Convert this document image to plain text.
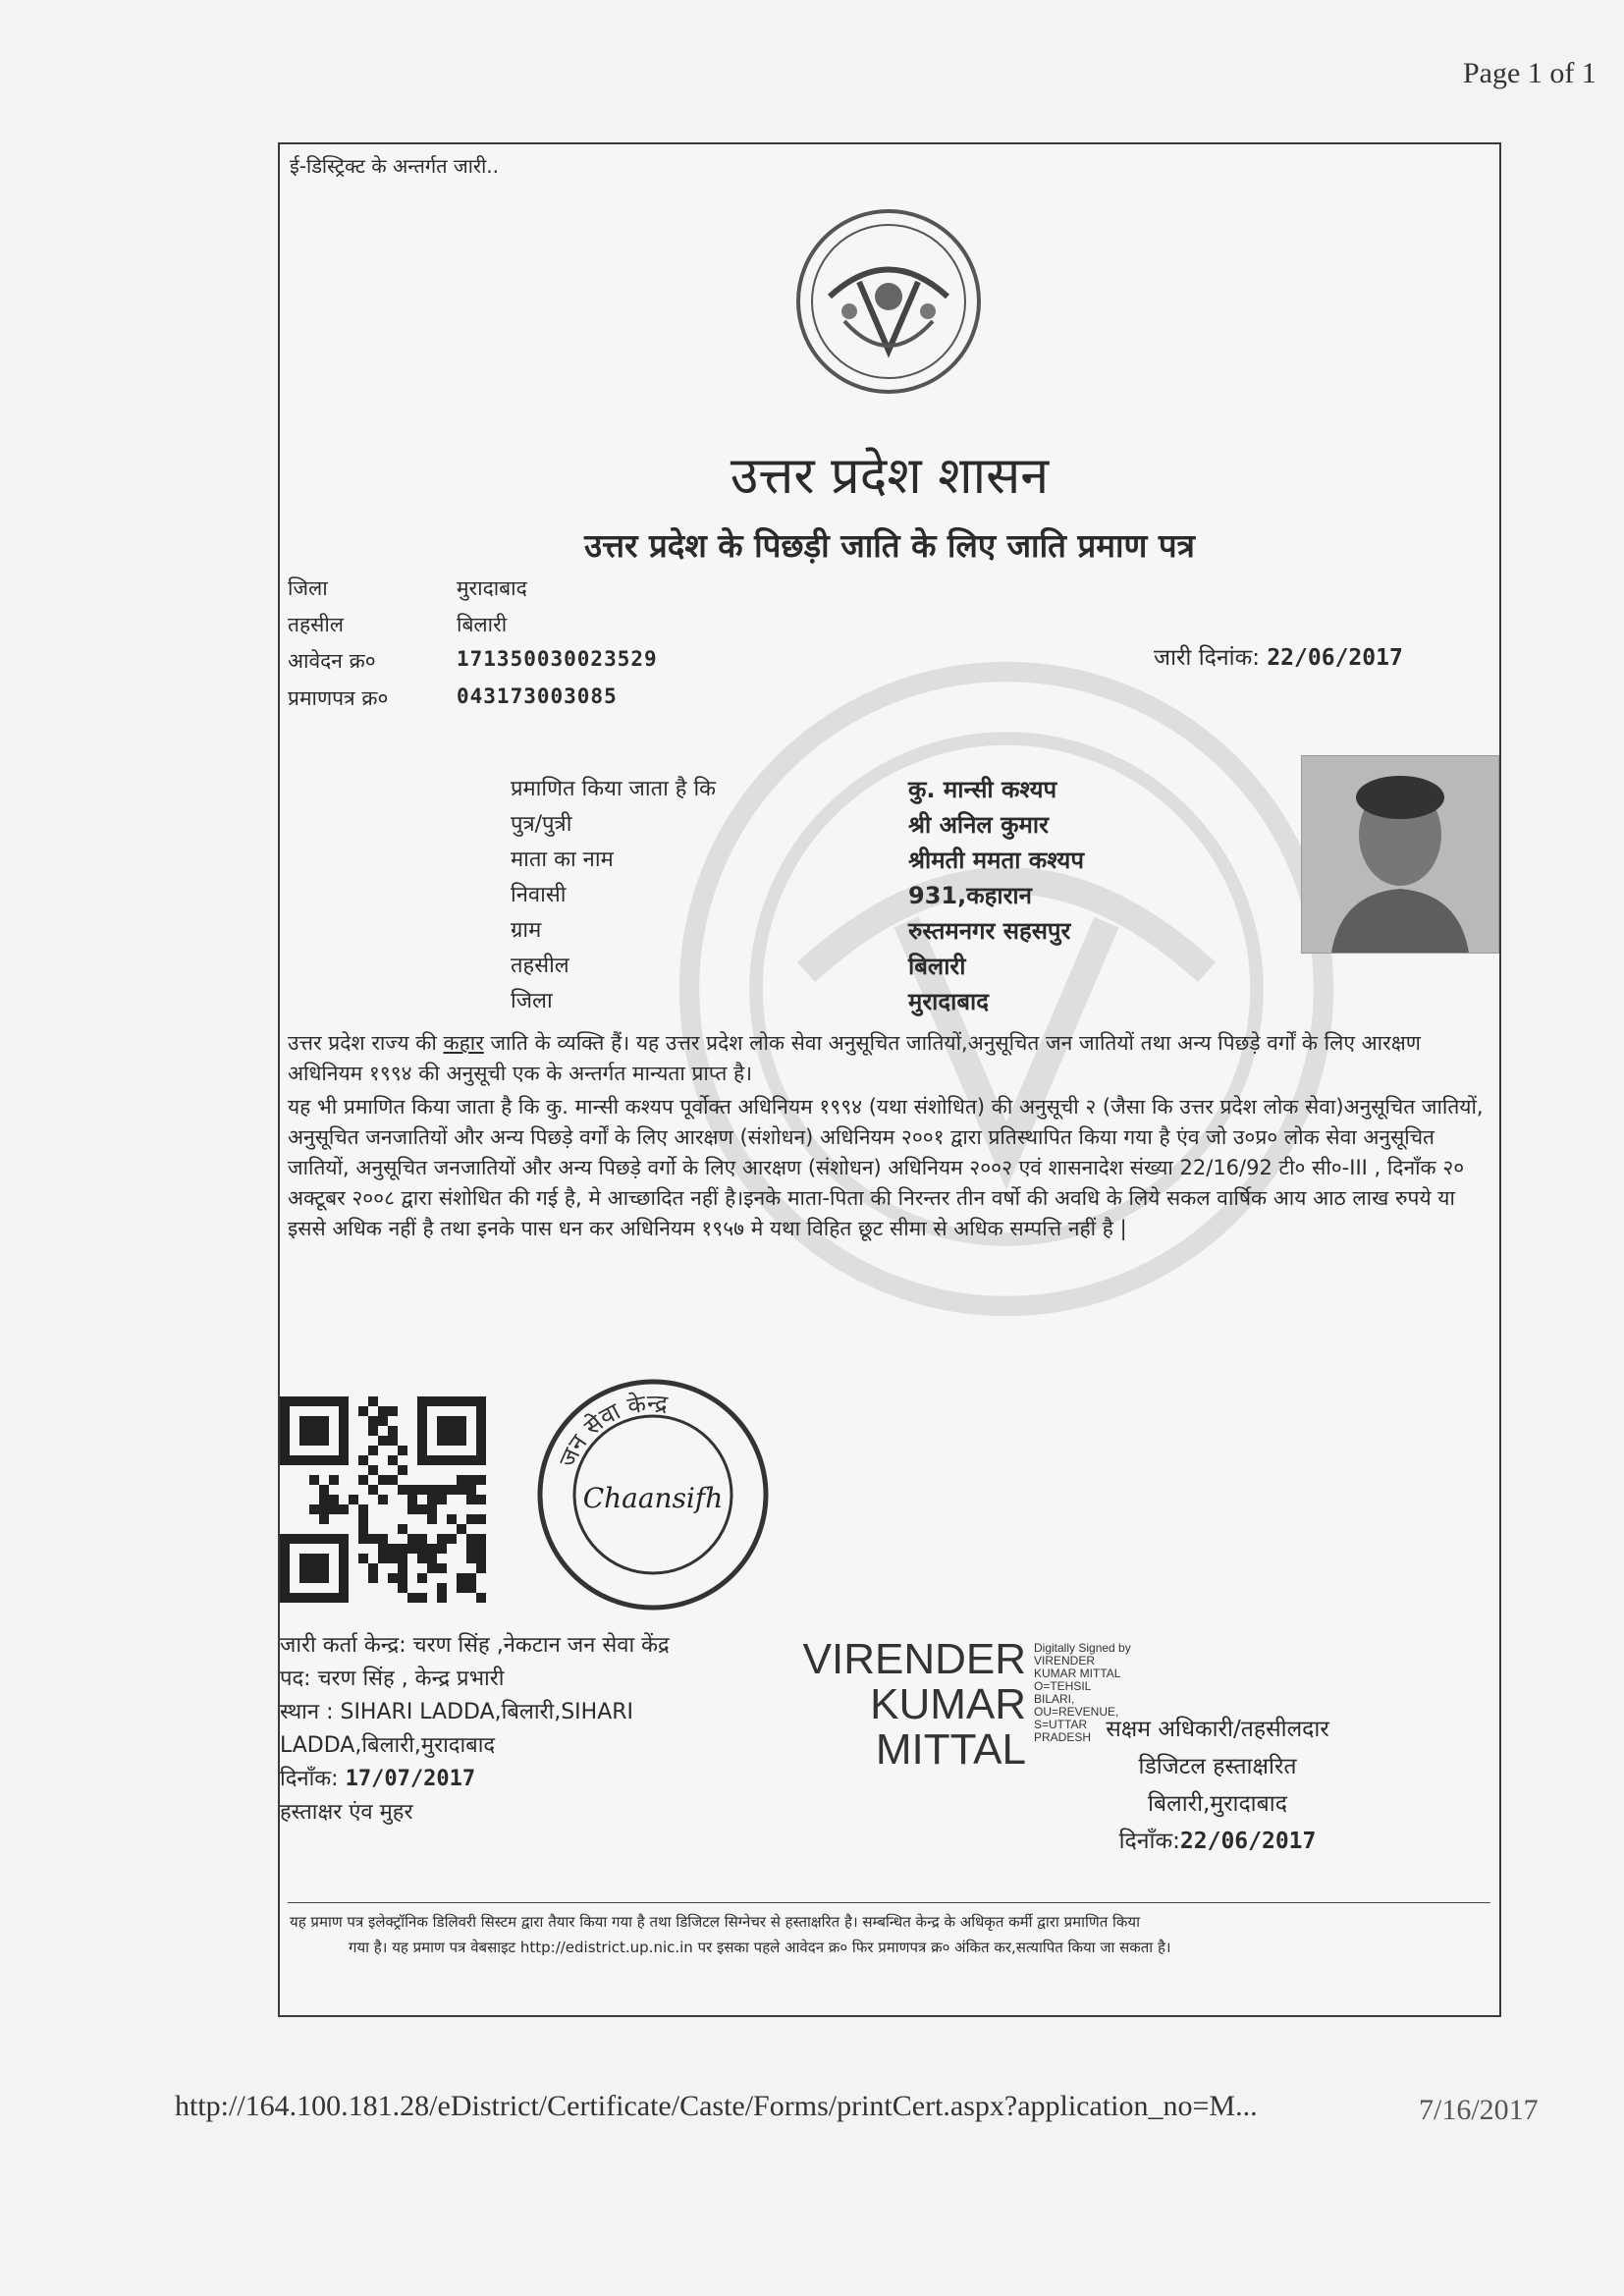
Page 1 of 1
ई-डिस्ट्रिक्ट के अन्तर्गत जारी..
उत्तर प्रदेश शासन
उत्तर प्रदेश के पिछड़ी जाति के लिए जाति प्रमाण पत्र
जिला	मुरादाबाद
तहसील	बिलारी
आवेदन क्र०	171350030023529
प्रमाणपत्र क्र०	043173003085
जारी दिनांक: 22/06/2017
प्रमाणित किया जाता है कि	कु. मान्सी कश्यप
पुत्र/पुत्री	श्री अनिल कुमार
माता का नाम	श्रीमती ममता कश्यप
निवासी	931,कहारान
ग्राम	रुस्तमनगर सहसपुर
तहसील	बिलारी
जिला	मुरादाबाद
उत्तर प्रदेश राज्य की कहार जाति के व्यक्ति हैं। यह उत्तर प्रदेश लोक सेवा अनुसूचित जातियों,अनुसूचित जन जातियों तथा अन्य पिछड़े वर्गों के लिए आरक्षण अधिनियम १९९४ की अनुसूची एक के अन्तर्गत मान्यता प्राप्त है।
यह भी प्रमाणित किया जाता है कि कु. मान्सी कश्यप पूर्वोक्त अधिनियम १९९४ (यथा संशोधित) की अनुसूची २ (जैसा कि उत्तर प्रदेश लोक सेवा)अनुसूचित जातियों, अनुसूचित जनजातियों और अन्य पिछड़े वर्गों के लिए आरक्षण (संशोधन) अधिनियम २००१ द्वारा प्रतिस्थापित किया गया है एंव जो उ०प्र० लोक सेवा अनुसूचित जातियों, अनुसूचित जनजातियों और अन्य पिछड़े वर्गो के लिए आरक्षण (संशोधन) अधिनियम २००२ एवं शासनादेश संख्या 22/16/92 टी० सी०-III , दिनाँक २० अक्टूबर २००८ द्वारा संशोधित की गई है, मे आच्छादित नहीं है।इनके माता-पिता की निरन्तर तीन वर्षो की अवधि के लिये सकल वार्षिक आय आठ लाख रुपये या इससे अधिक नहीं है तथा इनके पास धन कर अधिनियम १९५७ मे यथा विहित छूट सीमा से अधिक सम्पत्ति नहीं है |
जन सेवा केन्द्र
Chaansifh
जारी कर्ता केन्द्र: चरण सिंह ,नेकटान जन सेवा केंद्र
पद: चरण सिंह , केन्द्र प्रभारी
स्थान : SIHARI LADDA,बिलारी,SIHARI
LADDA,बिलारी,मुरादाबाद
दिनाँक: 17/07/2017
हस्ताक्षर एंव मुहर
VIRENDER
KUMAR
MITTAL
Digitally Signed by
VIRENDER
KUMAR MITTAL
O=TEHSIL
BILARI,
OU=REVENUE,
S=UTTAR
PRADESH सक्षम अधिकारी/तहसीलदार
डिजिटल हस्ताक्षरित
बिलारी,मुरादाबाद
दिनाँक:22/06/2017
यह प्रमाण पत्र इलेक्ट्रॉनिक डिलिवरी सिस्टम द्वारा तैयार किया गया है तथा डिजिटल सिग्नेचर से हस्ताक्षरित है। सम्बन्धित केन्द्र के अधिकृत कर्मी द्वारा प्रमाणित किया
गया है। यह प्रमाण पत्र वेबसाइट http://edistrict.up.nic.in पर इसका पहले आवेदन क्र० फिर प्रमाणपत्र क्र० अंकित कर,सत्यापित किया जा सकता है।
http://164.100.181.28/eDistrict/Certificate/Caste/Forms/printCert.aspx?application_no=M...	7/16/2017
